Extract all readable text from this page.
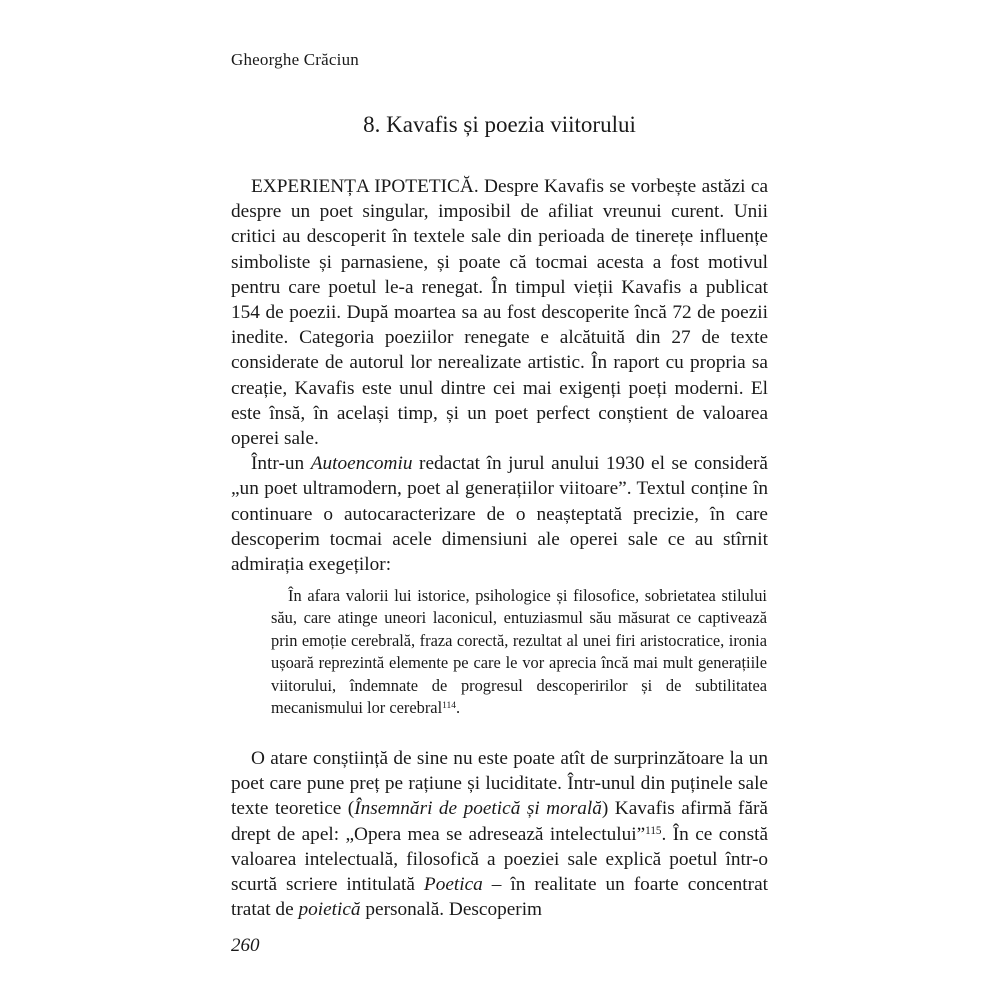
Gheorghe Crăciun
8. Kavafis și poezia viitorului

EXPERIENȚA IPOTETICĂ. Despre Kavafis se vorbește astăzi ca despre un poet singular, imposibil de afiliat vreunui curent. Unii critici au descoperit în textele sale din perioada de tinerețe influențe simboliste și parnasiene, și poate că tocmai acesta a fost motivul pentru care poetul le-a renegat. În timpul vieții Kavafis a publicat 154 de poezii. După moartea sa au fost descoperite încă 72 de poezii inedite. Categoria poeziilor renegate e alcătuită din 27 de texte considerate de autorul lor nerealizate artistic. În raport cu propria sa creație, Kavafis este unul dintre cei mai exigenți poeți moderni. El este însă, în același timp, și un poet perfect conștient de valoarea operei sale.

Într-un Autoencomiu redactat în jurul anului 1930 el se consideră „un poet ultramodern, poet al generațiilor viitoare”. Textul conține în continuare o autocaracterizare de o neașteptată precizie, în care descoperim tocmai acele dimensiuni ale operei sale ce au stîrnit admirația exegeților:

În afara valorii lui istorice, psihologice și filosofice, sobrietatea stilului său, care atinge uneori laconicul, entuziasmul său măsurat ce captivează prin emoție cerebrală, fraza corectă, rezultat al unei firi aristocratice, ironia ușoară reprezintă elemente pe care le vor aprecia încă mai mult generațiile viitorului, îndemnate de progresul descoperirilor și de subtilitatea mecanismului lor cerebral$^{114}$.

O atare conștiință de sine nu este poate atît de surprinzătoare la un poet care pune preț pe rațiune și luciditate. Într-unul din puținele sale texte teoretice (Însemnări de poetică și morală) Kavafis afirmă fără drept de apel: „Opera mea se adresează intelectului”$^{115}$. În ce constă valoarea intelectuală, filosofică a poeziei sale explică poetul într-o scurtă scriere intitulată Poetica – în realitate un foarte concentrat tratat de poietică personală. Descoperim

260
